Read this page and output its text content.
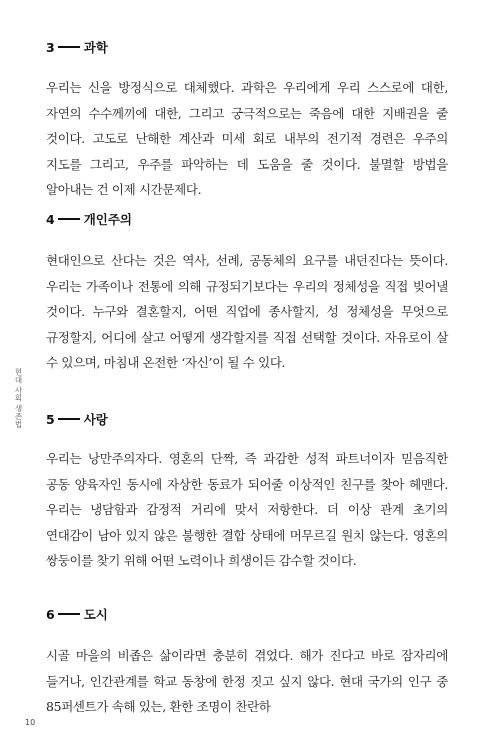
현대 사회 생존법
3 과학

우리는 신을 방정식으로 대체했다. 과학은 우리에게 우리 스스로에 대한, 자연의 수수께끼에 대한, 그리고 궁극적으로는 죽음에 대한 지배권을 줄 것이다. 고도로 난해한 계산과 미세 회로 내부의 전기적 경련은 우주의 지도를 그리고, 우주를 파악하는 데 도움을 줄 것이다. 불멸할 방법을 알아내는 건 이제 시간문제다.

4 개인주의

현대인으로 산다는 것은 역사, 선례, 공동체의 요구를 내던진다는 뜻이다. 우리는 가족이나 전통에 의해 규정되기보다는 우리의 정체성을 직접 빚어낼 것이다. 누구와 결혼할지, 어떤 직업에 종사할지, 성 정체성을 무엇으로 규정할지, 어디에 살고 어떻게 생각할지를 직접 선택할 것이다. 자유로이 살 수 있으며, 마침내 온전한 ‘자신’이 될 수 있다.

5 사랑

우리는 낭만주의자다. 영혼의 단짝, 즉 과감한 성적 파트너이자 믿음직한 공동 양육자인 동시에 자상한 동료가 되어줄 이상적인 친구를 찾아 헤맨다. 우리는 냉담함과 감정적 거리에 맞서 저항한다. 더 이상 관계 초기의 연대감이 남아 있지 않은 불행한 결합 상태에 머무르길 원치 않는다. 영혼의 쌍둥이를 찾기 위해 어떤 노력이나 희생이든 감수할 것이다.

6 도시

시골 마을의 비좁은 삶이라면 충분히 겪었다. 해가 진다고 바로 잠자리에 들거나, 인간관계를 학교 동창에 한정 짓고 싶지 않다. 현대 국가의 인구 중 85퍼센트가 속해 있는, 환한 조명이 찬란하

10
